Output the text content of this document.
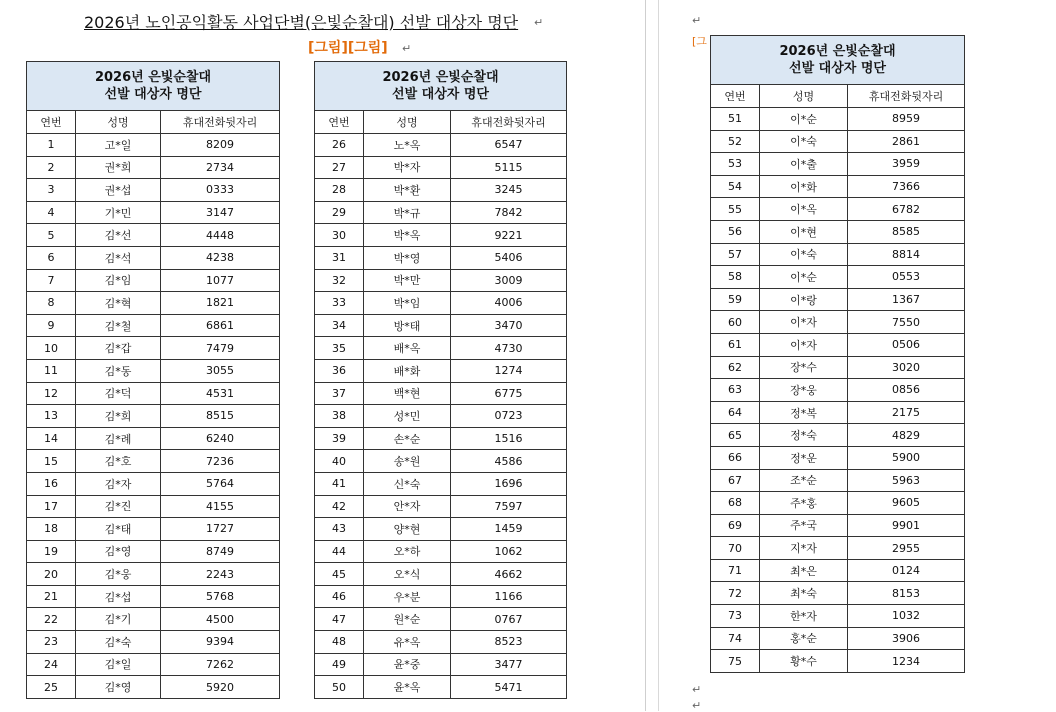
2026년 노인공익활동 사업단별(은빛순찰대) 선발 대상자 명단 ↵
[그림][그림] ↵
↵
[그
↵
↵
2026년 은빛순찰대
선발 대상자 명단		

연번	성명	휴대전화뒷자리
1	고*일	8209
2	권*희	2734
3	권*섭	0333
4	기*민	3147
5	김*선	4448
6	김*석	4238
7	김*임	1077
8	김*혁	1821
9	김*철	6861
10	김*갑	7479
11	김*동	3055
12	김*덕	4531
13	김*희	8515
14	김*례	6240
15	김*호	7236
16	김*자	5764
17	김*진	4155
18	김*태	1727
19	김*영	8749
20	김*웅	2243
21	김*섭	5768
22	김*기	4500
23	김*숙	9394
24	김*일	7262
25	김*영	5920
2026년 은빛순찰대
선발 대상자 명단		

연번	성명	휴대전화뒷자리
26	노*옥	6547
27	박*자	5115
28	박*환	3245
29	박*규	7842
30	박*옥	9221
31	박*영	5406
32	박*만	3009
33	박*임	4006
34	방*태	3470
35	배*옥	4730
36	배*화	1274
37	백*현	6775
38	성*민	0723
39	손*순	1516
40	송*원	4586
41	신*숙	1696
42	안*자	7597
43	양*현	1459
44	오*하	1062
45	오*식	4662
46	우*분	1166
47	원*순	0767
48	유*옥	8523
49	윤*중	3477
50	윤*옥	5471
2026년 은빛순찰대
선발 대상자 명단		

연번	성명	휴대전화뒷자리
51	이*순	8959
52	이*숙	2861
53	이*출	3959
54	이*화	7366
55	이*옥	6782
56	이*현	8585
57	이*숙	8814
58	이*순	0553
59	이*랑	1367
60	이*자	7550
61	이*자	0506
62	장*수	3020
63	장*웅	0856
64	정*복	2175
65	정*숙	4829
66	정*운	5900
67	조*순	5963
68	주*홍	9605
69	주*국	9901
70	지*자	2955
71	최*은	0124
72	최*숙	8153
73	한*자	1032
74	홍*순	3906
75	황*수	1234
